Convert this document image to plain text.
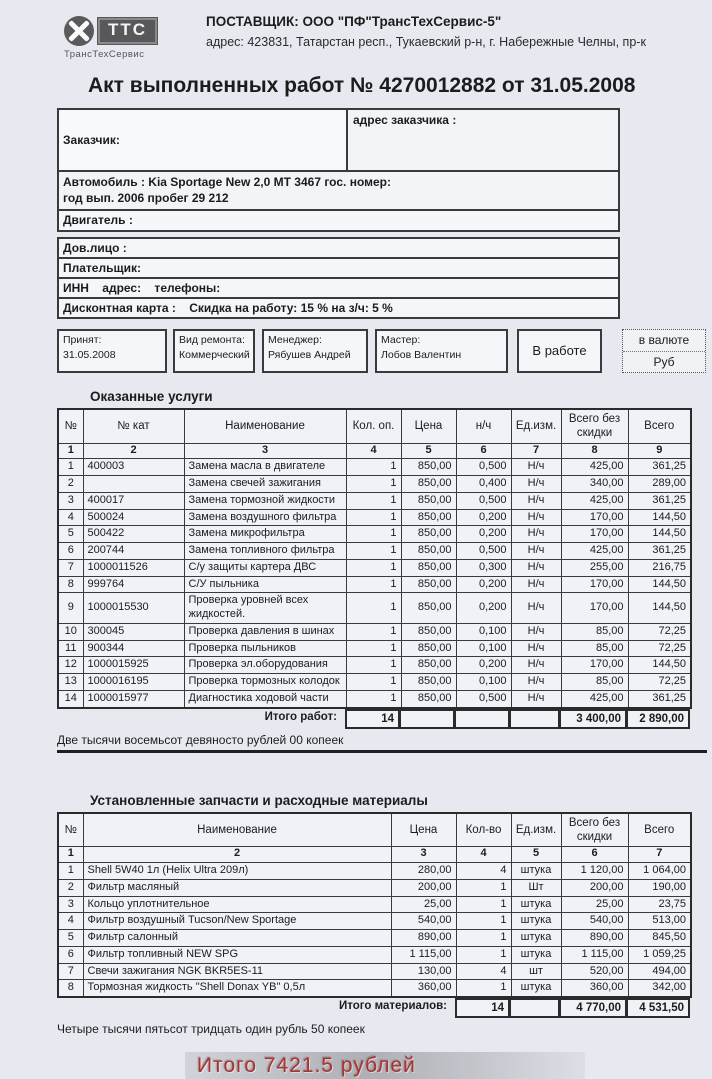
ТТС
ТрансТехСервис
ПОСТАВЩИК: ООО "ПФ"ТрансТехСервис-5"
адрес: 423831, Татарстан респ., Тукаевский р-н, г. Набережные Челны, пр-к
Акт выполненных работ № 4270012882 от 31.05.2008
Заказчик:
адрес заказчика :
Автомобиль : Kia Sportage New 2,0 МТ 3467 гос. номер:
год вып. 2006 пробег 29 212
Двигатель :
Дов.лицо :
Плательщик:
ИНН    адрес:    телефоны:
Дисконтная карта :    Скидка на работу: 15 % на з/ч: 5 %
Принят:
31.05.2008
Вид ремонта:
Коммерческий
Менеджер:
Рябушев Андрей
Мастер:
Лобов Валентин	В работе
в валюте
Руб
Оказанные услуги
№	№ кат	Наименование	Кол. оп.	Цена	н/ч	Ед.изм.	Всего без скидки	Всего
1	2	3	4	5	6	7	8	9
1	400003	Замена масла в двигателе	1	850,00	0,500	Н/ч	425,00	361,25
2		Замена свечей зажигания	1	850,00	0,400	Н/ч	340,00	289,00
3	400017	Замена тормозной жидкости	1	850,00	0,500	Н/ч	425,00	361,25
4	500024	Замена воздушного фильтра	1	850,00	0,200	Н/ч	170,00	144,50
5	500422	Замена микрофильтра	1	850,00	0,200	Н/ч	170,00	144,50
6	200744	Замена топливного фильтра	1	850,00	0,500	Н/ч	425,00	361,25
7	1000011526	С/у защиты картера ДВС	1	850,00	0,300	Н/ч	255,00	216,75
8	999764	С/У пыльника	1	850,00	0,200	Н/ч	170,00	144,50
9	1000015530	Проверка уровней всех жидкостей.	1	850,00	0,200	Н/ч	170,00	144,50
10	300045	Проверка давления в шинах	1	850,00	0,100	Н/ч	85,00	72,25
11	900344	Проверка пыльников	1	850,00	0,100	Н/ч	85,00	72,25
12	1000015925	Проверка эл.оборудования	1	850,00	0,200	Н/ч	170,00	144,50
13	1000016195	Проверка тормозных колодок	1	850,00	0,100	Н/ч	85,00	72,25
14	1000015977	Диагностика ходовой части	1	850,00	0,500	Н/ч	425,00	361,25
Итого работ:	14	3 400,00	2 890,00
Две тысячи восемьсот девяносто рублей 00 копеек
Установленные запчасти и расходные материалы
№	Наименование	Цена	Кол-во	Ед.изм.	Всего без скидки	Всего
1	2	3	4	5	6	7
1	Shell 5W40 1л (Helix Ultra 209л)	280,00	4	штука	1 120,00	1 064,00
2	Фильтр масляный	200,00	1	Шт	200,00	190,00
3	Кольцо уплотнительное	25,00	1	штука	25,00	23,75
4	Фильтр воздушный Tucson/New Sportage	540,00	1	штука	540,00	513,00
5	Фильтр салонный	890,00	1	штука	890,00	845,50
6	Фильтр топливный NEW SPG	1 115,00	1	штука	1 115,00	1 059,25
7	Свечи зажигания NGK BKR5ES-11	130,00	4	шт	520,00	494,00
8	Тормозная жидкость "Shell Donax YB" 0,5л	360,00	1	штука	360,00	342,00
Итого материалов:	14	4 770,00	4 531,50
Четыре тысячи пятьсот тридцать один рубль 50 копеек
Итого 7421.5 рублей
